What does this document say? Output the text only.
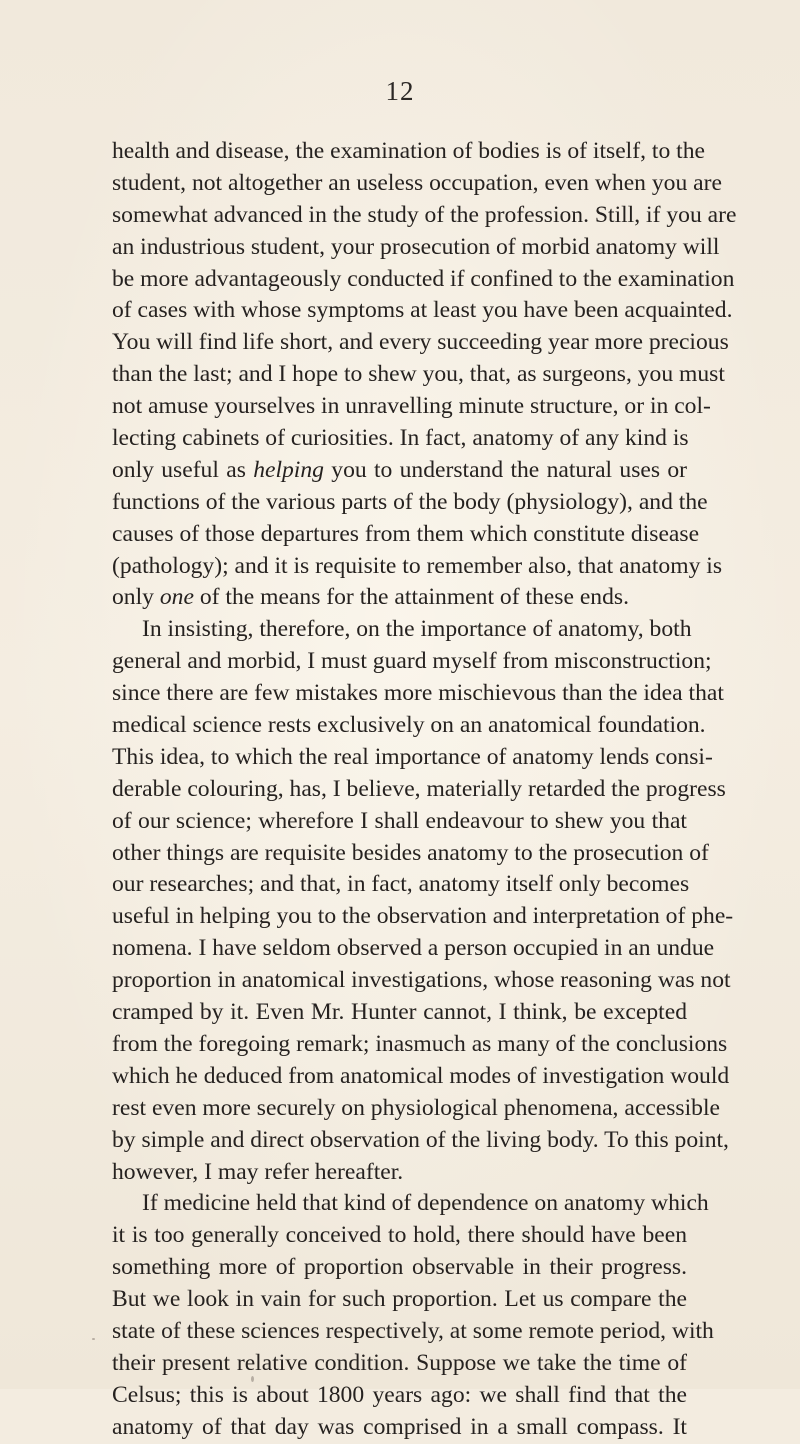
12
health and disease, the examination of bodies is of itself, to the
student, not altogether an useless occupation, even when you are
somewhat advanced in the study of the profession. Still, if you are
an industrious student, your prosecution of morbid anatomy will
be more advantageously conducted if confined to the examination
of cases with whose symptoms at least you have been acquainted.
You will find life short, and every succeeding year more precious
than the last; and I hope to shew you, that, as surgeons, you must
not amuse yourselves in unravelling minute structure, or in col-
lecting cabinets of curiosities. In fact, anatomy of any kind is
only useful as helping you to understand the natural uses or
functions of the various parts of the body (physiology), and the
causes of those departures from them which constitute disease
(pathology); and it is requisite to remember also, that anatomy is
only one of the means for the attainment of these ends.
In insisting, therefore, on the importance of anatomy, both
general and morbid, I must guard myself from misconstruction;
since there are few mistakes more mischievous than the idea that
medical science rests exclusively on an anatomical foundation.
This idea, to which the real importance of anatomy lends consi-
derable colouring, has, I believe, materially retarded the progress
of our science; wherefore I shall endeavour to shew you that
other things are requisite besides anatomy to the prosecution of
our researches; and that, in fact, anatomy itself only becomes
useful in helping you to the observation and interpretation of phe-
nomena. I have seldom observed a person occupied in an undue
proportion in anatomical investigations, whose reasoning was not
cramped by it. Even Mr. Hunter cannot, I think, be excepted
from the foregoing remark; inasmuch as many of the conclusions
which he deduced from anatomical modes of investigation would
rest even more securely on physiological phenomena, accessible
by simple and direct observation of the living body. To this point,
however, I may refer hereafter.
If medicine held that kind of dependence on anatomy which
it is too generally conceived to hold, there should have been
something more of proportion observable in their progress.
But we look in vain for such proportion. Let us compare the
state of these sciences respectively, at some remote period, with
their present relative condition. Suppose we take the time of
Celsus; this is about 1800 years ago: we shall find that the
anatomy of that day was comprised in a small compass. It
